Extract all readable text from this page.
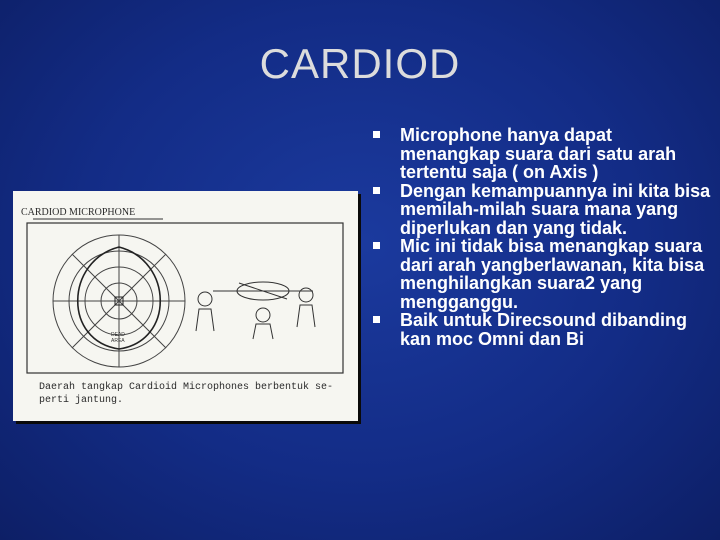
CARDIOD
CARDIOD MICROPHONE
DEAD
AREA
Daerah tangkap Cardioid Microphones berbentuk se-
perti jantung.
Microphone hanya dapat menangkap suara dari satu arah tertentu saja ( on Axis )
Dengan kemampuannya ini kita bisa memilah-milah suara mana yang diperlukan dan yang tidak.
Mic ini tidak bisa menangkap suara dari arah yangberlawanan, kita bisa menghilangkan suara2 yang mengganggu.
Baik untuk Direcsound dibanding kan moc Omni dan Bi
